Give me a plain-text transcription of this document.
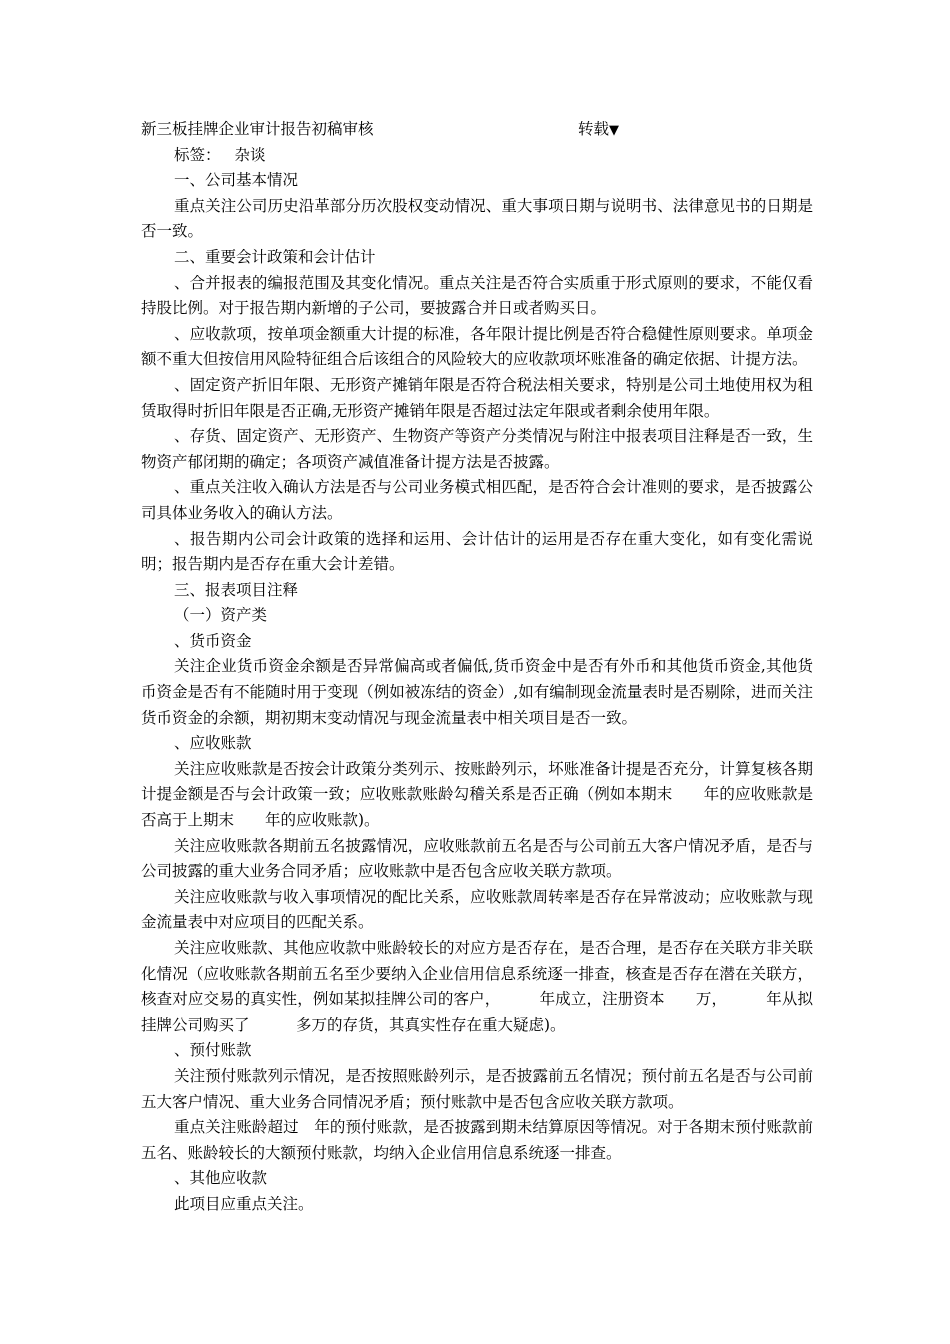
新三板挂牌企业审计报告初稿审核	转载▼

标签： 杂谈

一、公司基本情况

重点关注公司历史沿革部分历次股权变动情况、重大事项日期与说明书、法律意见书的日期是否一致。

二、重要会计政策和会计估计

、合并报表的编报范围及其变化情况。重点关注是否符合实质重于形式原则的要求，不能仅看持股比例。对于报告期内新增的子公司，要披露合并日或者购买日。

、应收款项，按单项金额重大计提的标准，各年限计提比例是否符合稳健性原则要求。单项金额不重大但按信用风险特征组合后该组合的风险较大的应收款项坏账准备的确定依据、计提方法。

、固定资产折旧年限、无形资产摊销年限是否符合税法相关要求，特别是公司土地使用权为租赁取得时折旧年限是否正确,无形资产摊销年限是否超过法定年限或者剩余使用年限。

、存货、固定资产、无形资产、生物资产等资产分类情况与附注中报表项目注释是否一致，生物资产郁闭期的确定；各项资产减值准备计提方法是否披露。

、重点关注收入确认方法是否与公司业务模式相匹配，是否符合会计准则的要求，是否披露公司具体业务收入的确认方法。

、报告期内公司会计政策的选择和运用、会计估计的运用是否存在重大变化，如有变化需说明；报告期内是否存在重大会计差错。

三、报表项目注释

（一）资产类

、货币资金

关注企业货币资金余额是否异常偏高或者偏低,货币资金中是否有外币和其他货币资金,其他货币资金是否有不能随时用于变现（例如被冻结的资金）,如有编制现金流量表时是否剔除，进而关注货币资金的余额，期初期末变动情况与现金流量表中相关项目是否一致。

、应收账款

关注应收账款是否按会计政策分类列示、按账龄列示，坏账准备计提是否充分，计算复核各期计提金额是否与会计政策一致；应收账款账龄勾稽关系是否正确（例如本期末　　年的应收账款是否高于上期末　　年的应收账款)。

关注应收账款各期前五名披露情况，应收账款前五名是否与公司前五大客户情况矛盾，是否与公司披露的重大业务合同矛盾；应收账款中是否包含应收关联方款项。

关注应收账款与收入事项情况的配比关系，应收账款周转率是否存在异常波动；应收账款与现金流量表中对应项目的匹配关系。

关注应收账款、其他应收款中账龄较长的对应方是否存在，是否合理，是否存在关联方非关联化情况（应收账款各期前五名至少要纳入企业信用信息系统逐一排查，核查是否存在潜在关联方，核查对应交易的真实性，例如某拟挂牌公司的客户，　　　年成立，注册资本　　万，　　　年从拟挂牌公司购买了　　　多万的存货，其真实性存在重大疑虑)。

、预付账款

关注预付账款列示情况，是否按照账龄列示，是否披露前五名情况；预付前五名是否与公司前五大客户情况、重大业务合同情况矛盾；预付账款中是否包含应收关联方款项。

重点关注账龄超过　年的预付账款，是否披露到期未结算原因等情况。对于各期末预付账款前五名、账龄较长的大额预付账款，均纳入企业信用信息系统逐一排查。

、其他应收款

此项目应重点关注。
